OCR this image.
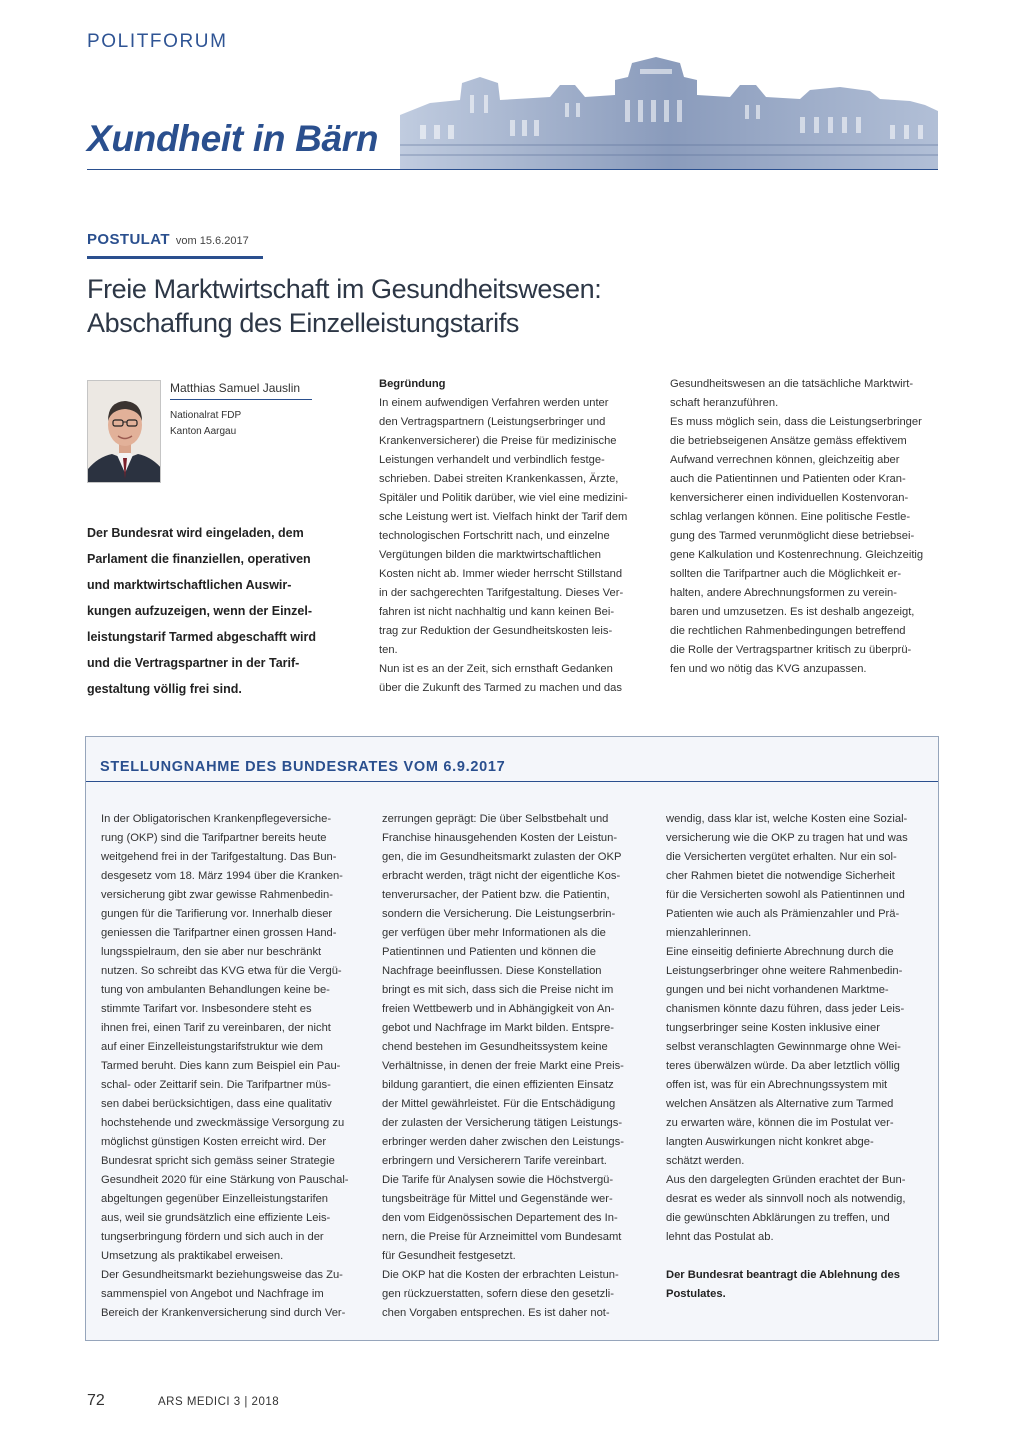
POLITFORUM
Xundheit in Bärn
POSTULAT vom 15.6.2017
Freie Marktwirtschaft im Gesundheitswesen:
Abschaffung des Einzelleistungstarifs
Matthias Samuel Jauslin
Nationalrat FDP
Kanton Aargau
Der Bundesrat wird eingeladen, dem
Parlament die finanziellen, operativen
und marktwirtschaftlichen Auswir-
kungen aufzuzeigen, wenn der Einzel-
leistungstarif Tarmed abgeschafft wird
und die Vertragspartner in der Tarif-
gestaltung völlig frei sind.

Begründung

In einem aufwendigen Verfahren werden unter

den Vertragspartnern (Leistungserbringer und

Krankenversicherer) die Preise für medizinische

Leistungen verhandelt und verbindlich festge-

schrieben. Dabei streiten Krankenkassen, Ärzte,

Spitäler und Politik darüber, wie viel eine medizini-

sche Leistung wert ist. Vielfach hinkt der Tarif dem

technologischen Fortschritt nach, und einzelne

Vergütungen bilden die marktwirtschaftlichen

Kosten nicht ab. Immer wieder herrscht Stillstand

in der sachgerechten Tarifgestaltung. Dieses Ver-

fahren ist nicht nachhaltig und kann keinen Bei-

trag zur Reduktion der Gesundheitskosten leis-

ten.

Nun ist es an der Zeit, sich ernsthaft Gedanken

über die Zukunft des Tarmed zu machen und das

Gesundheitswesen an die tatsächliche Marktwirt-

schaft heranzuführen.

Es muss möglich sein, dass die Leistungserbringer

die betriebseigenen Ansätze gemäss effektivem

Aufwand verrechnen können, gleichzeitig aber

auch die Patientinnen und Patienten oder Kran-

kenversicherer einen individuellen Kostenvoran-

schlag verlangen können. Eine politische Festle-

gung des Tarmed verunmöglicht diese betriebsei-

gene Kalkulation und Kostenrechnung. Gleichzeitig

sollten die Tarifpartner auch die Möglichkeit er-

halten, andere Abrechnungsformen zu verein-

baren und umzusetzen. Es ist deshalb angezeigt,

die rechtlichen Rahmenbedingungen betreffend

die Rolle der Vertragspartner kritisch zu überprü-

fen und wo nötig das KVG anzupassen.

STELLUNGNAHME DES BUNDESRATES VOM 6.9.2017

In der Obligatorischen Krankenpflegeversiche-

rung (OKP) sind die Tarifpartner bereits heute

weitgehend frei in der Tarifgestaltung. Das Bun-

desgesetz vom 18. März 1994 über die Kranken-

versicherung gibt zwar gewisse Rahmenbedin-

gungen für die Tarifierung vor. Innerhalb dieser

geniessen die Tarifpartner einen grossen Hand-

lungsspielraum, den sie aber nur beschränkt

nutzen. So schreibt das KVG etwa für die Vergü-

tung von ambulanten Behandlungen keine be-

stimmte Tarifart vor. Insbesondere steht es

ihnen frei, einen Tarif zu vereinbaren, der nicht

auf einer Einzelleistungstarifstruktur wie dem

Tarmed beruht. Dies kann zum Beispiel ein Pau-

schal- oder Zeittarif sein. Die Tarifpartner müs-

sen dabei berücksichtigen, dass eine qualitativ

hochstehende und zweckmässige Versorgung zu

möglichst günstigen Kosten erreicht wird. Der

Bundesrat spricht sich gemäss seiner Strategie

Gesundheit 2020 für eine Stärkung von Pauschal-

abgeltungen gegenüber Einzelleistungstarifen

aus, weil sie grundsätzlich eine effiziente Leis-

tungserbringung fördern und sich auch in der

Umsetzung als praktikabel erweisen.

Der Gesundheitsmarkt beziehungsweise das Zu-

sammenspiel von Angebot und Nachfrage im

Bereich der Krankenversicherung sind durch Ver-

zerrungen geprägt: Die über Selbstbehalt und

Franchise hinausgehenden Kosten der Leistun-

gen, die im Gesundheitsmarkt zulasten der OKP

erbracht werden, trägt nicht der eigentliche Kos-

tenverursacher, der Patient bzw. die Patientin,

sondern die Versicherung. Die Leistungserbrin-

ger verfügen über mehr Informationen als die

Patientinnen und Patienten und können die

Nachfrage beeinflussen. Diese Konstellation

bringt es mit sich, dass sich die Preise nicht im

freien Wettbewerb und in Abhängigkeit von An-

gebot und Nachfrage im Markt bilden. Entspre-

chend bestehen im Gesundheitssystem keine

Verhältnisse, in denen der freie Markt eine Preis-

bildung garantiert, die einen effizienten Einsatz

der Mittel gewährleistet. Für die Entschädigung

der zulasten der Versicherung tätigen Leistungs-

erbringer werden daher zwischen den Leistungs-

erbringern und Versicherern Tarife vereinbart.

Die Tarife für Analysen sowie die Höchstvergü-

tungsbeiträge für Mittel und Gegenstände wer-

den vom Eidgenössischen Departement des In-

nern, die Preise für Arzneimittel vom Bundesamt

für Gesundheit festgesetzt.

Die OKP hat die Kosten der erbrachten Leistun-

gen rückzuerstatten, sofern diese den gesetzli-

chen Vorgaben entsprechen. Es ist daher not-

wendig, dass klar ist, welche Kosten eine Sozial-

versicherung wie die OKP zu tragen hat und was

die Versicherten vergütet erhalten. Nur ein sol-

cher Rahmen bietet die notwendige Sicherheit

für die Versicherten sowohl als Patientinnen und

Patienten wie auch als Prämienzahler und Prä-

mienzahlerinnen.

Eine einseitig definierte Abrechnung durch die

Leistungserbringer ohne weitere Rahmenbedin-

gungen und bei nicht vorhandenen Marktme-

chanismen könnte dazu führen, dass jeder Leis-

tungserbringer seine Kosten inklusive einer

selbst veranschlagten Gewinnmarge ohne Wei-

teres überwälzen würde. Da aber letztlich völlig

offen ist, was für ein Abrechnungssystem mit

welchen Ansätzen als Alternative zum Tarmed

zu erwarten wäre, können die im Postulat ver-

langten Auswirkungen nicht konkret abge-

schätzt werden.

Aus den dargelegten Gründen erachtet der Bun-

desrat es weder als sinnvoll noch als notwendig,

die gewünschten Abklärungen zu treffen, und

lehnt das Postulat ab.

Der Bundesrat beantragt die Ablehnung des

Postulates.

72	ARS MEDICI 3 | 2018
